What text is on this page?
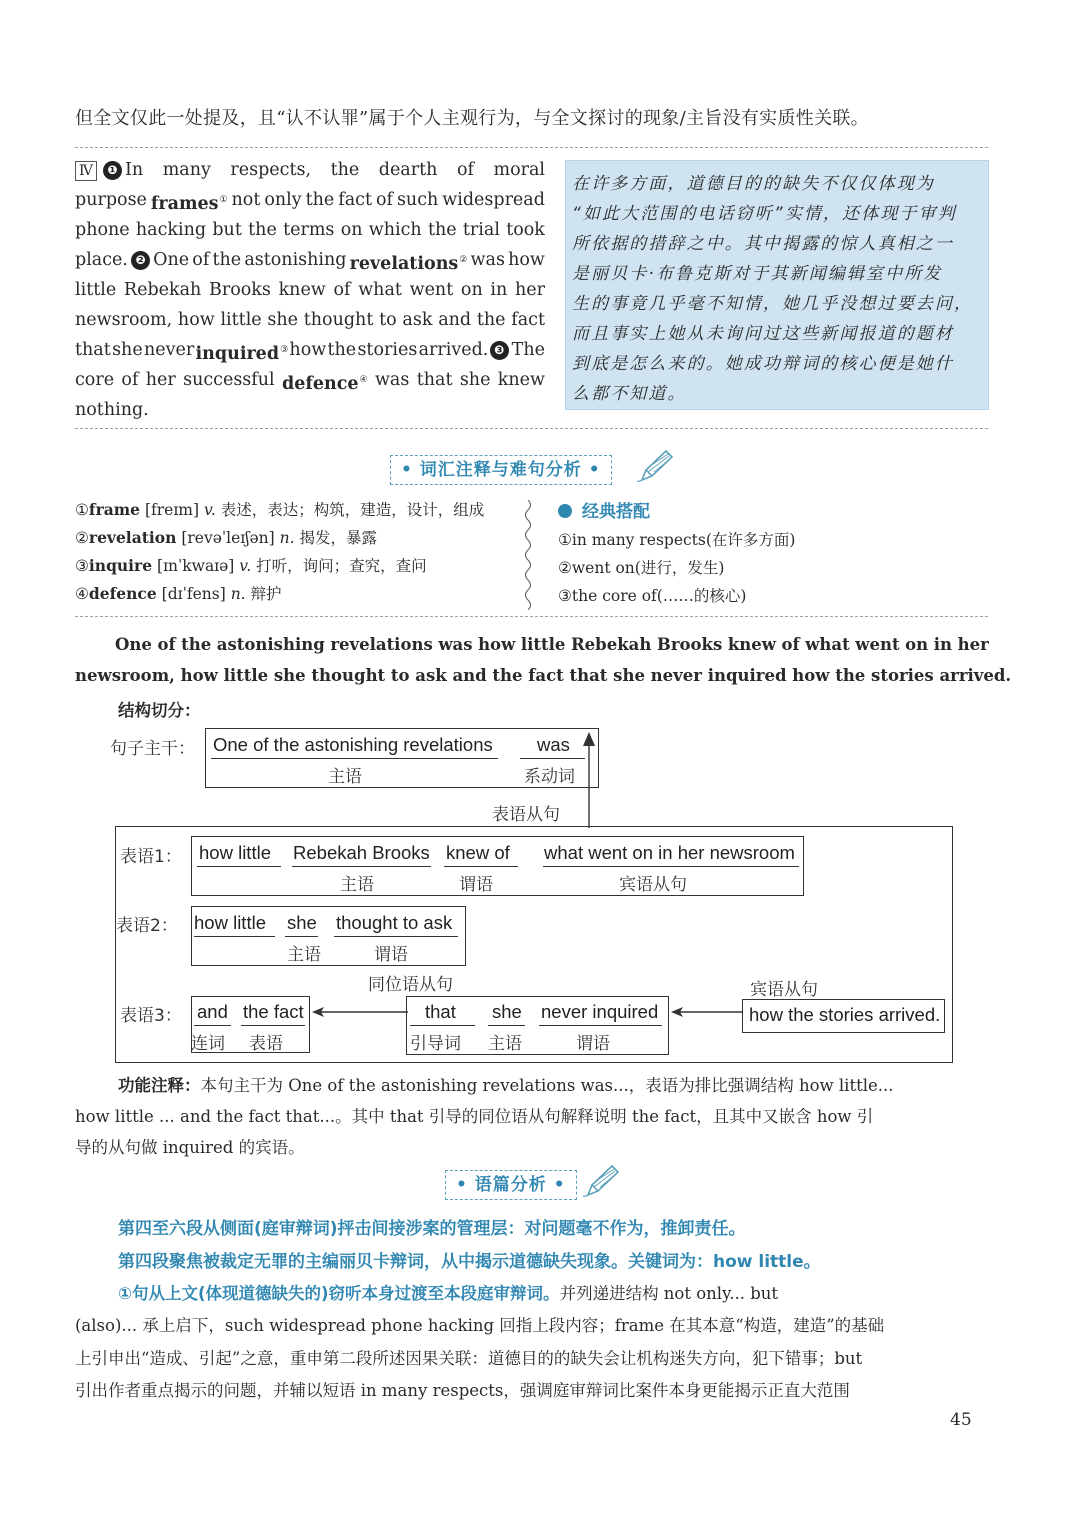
但全文仅此一处提及，且“认不认罪”属于个人主观行为，与全文探讨的现象/主旨没有实质性关联。
Ⅳ ❶ In many respects, the dearth of moral
purpose frames① not only the fact of such widespread
phone hacking but the terms on which the trial took
place. ❷ One of the astonishing revelations② was how
little Rebekah Brooks knew of what went on in her
newsroom, how little she thought to ask and the fact
that she never inquired③ how the stories arrived. ❸ The
core of her successful defence④ was that she knew
nothing.
在许多方面，道德目的的缺失不仅仅体现为
“如此大范围的电话窃听”实情，还体现于审判
所依据的措辞之中。其中揭露的惊人真相之一
是丽贝卡·布鲁克斯对于其新闻编辑室中所发
生的事竟几乎毫不知情，她几乎没想过要去问，
而且事实上她从未询问过这些新闻报道的题材
到底是怎么来的。她成功辩词的核心便是她什
么都不知道。
• 词汇注释与难句分析 •
①frame [freɪm] v. 表述，表达；构筑，建造，设计，组成
②revelation [revəˈleɪʃən] n. 揭发，暴露
③inquire [ɪnˈkwaɪə] v. 打听，询问；查究，查问
④defence [dɪˈfens] n. 辩护
经典搭配
①in many respects(在许多方面)
②went on(进行，发生)
③the core of(……的核心)
One of the astonishing revelations was how little Rebekah Brooks knew of what went on in her
newsroom, how little she thought to ask and the fact that she never inquired how the stories arrived.
结构切分：
句子主干： One of the astonishing revelations was
主语	系动词
表语从句
表语1： how little Rebekah Brooks knew of what went on in her newsroom
主语	谓语	宾语从句
表语2： how little she thought to ask
主语	谓语
同位语从句	宾语从句
表语3： and the fact
连词 表语
that she never inquired
引导词 主语	谓语
how the stories arrived.
功能注释：本句主干为 One of the astonishing revelations was...，表语为排比强调结构 how little...
how little ... and the fact that...。其中 that 引导的同位语从句解释说明 the fact，且其中又嵌含 how 引
导的从句做 inquired 的宾语。
• 语篇分析 •
第四至六段从侧面(庭审辩词)抨击间接涉案的管理层：对问题毫不作为，推卸责任。
第四段聚焦被裁定无罪的主编丽贝卡辩词，从中揭示道德缺失现象。关键词为：how little。
①句从上文(体现道德缺失的)窃听本身过渡至本段庭审辩词。并列递进结构 not only... but
(also)... 承上启下，such widespread phone hacking 回指上段内容；frame 在其本意“构造，建造”的基础
上引申出“造成、引起”之意，重申第二段所述因果关联：道德目的的缺失会让机构迷失方向，犯下错事；but
引出作者重点揭示的问题，并辅以短语 in many respects，强调庭审辩词比案件本身更能揭示正直大范围
45
